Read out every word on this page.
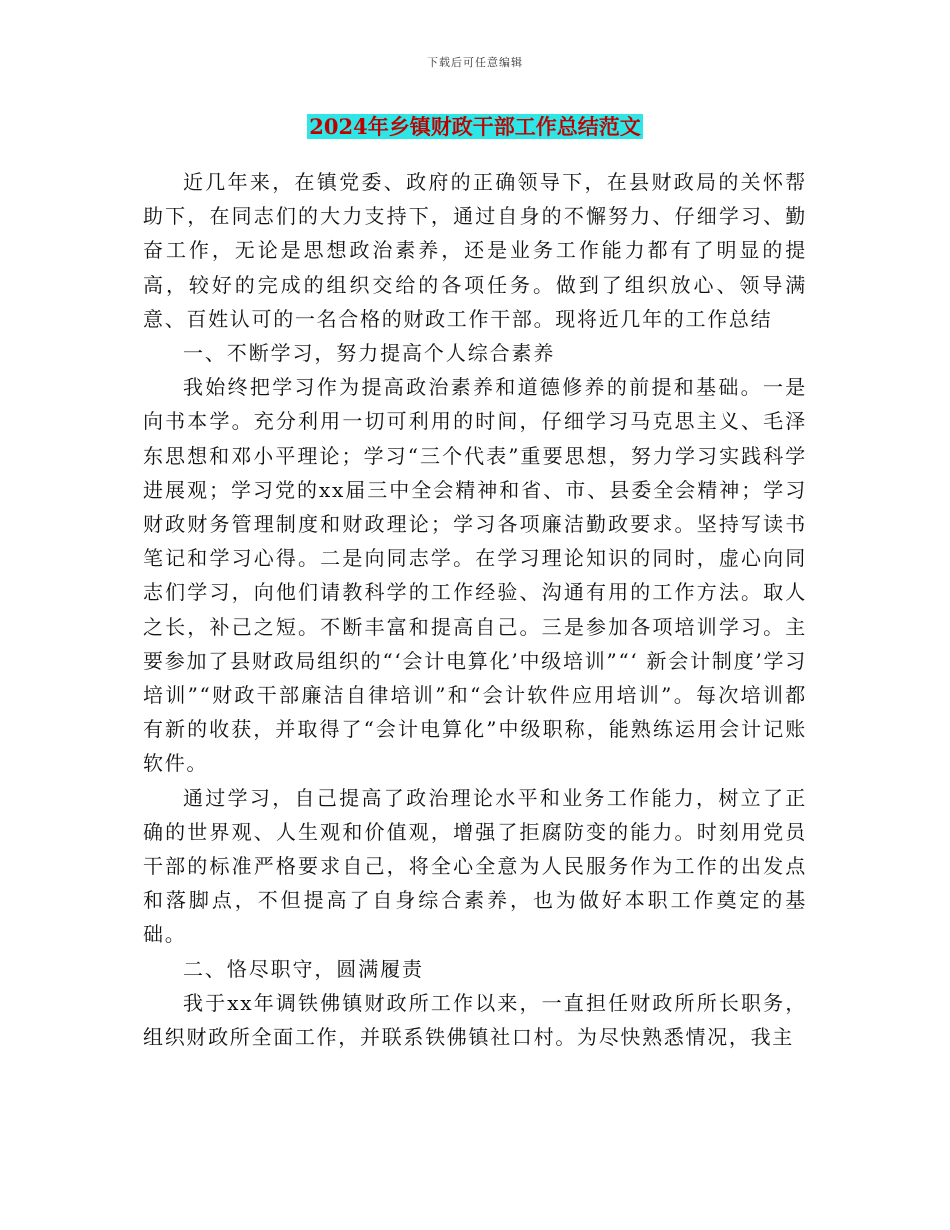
下载后可任意编辑
2024年乡镇财政干部工作总结范文

近几年来，在镇党委、政府的正确领导下，在县财政局的关怀帮助下，在同志们的大力支持下，通过自身的不懈努力、仔细学习、勤奋工作，无论是思想政治素养，还是业务工作能力都有了明显的提高，较好的完成的组织交给的各项任务。做到了组织放心、领导满意、百姓认可的一名合格的财政工作干部。现将近几年的工作总结

一、不断学习，努力提高个人综合素养

我始终把学习作为提高政治素养和道德修养的前提和基础。一是向书本学。充分利用一切可利用的时间，仔细学习马克思主义、毛泽东思想和邓小平理论；学习“三个代表”重要思想，努力学习实践科学进展观；学习党的xx届三中全会精神和省、市、县委全会精神；学习财政财务管理制度和财政理论；学习各项廉洁勤政要求。坚持写读书笔记和学习心得。二是向同志学。在学习理论知识的同时，虚心向同志们学习，向他们请教科学的工作经验、沟通有用的工作方法。取人之长，补己之短。不断丰富和提高自己。三是参加各项培训学习。主要参加了县财政局组织的“‘会计电算化’中级培训”“‘ 新会计制度’学习培训”“财政干部廉洁自律培训”和“会计软件应用培训”。每次培训都有新的收获，并取得了“会计电算化”中级职称，能熟练运用会计记账软件。

通过学习，自己提高了政治理论水平和业务工作能力，树立了正确的世界观、人生观和价值观，增强了拒腐防变的能力。时刻用党员干部的标准严格要求自己，将全心全意为人民服务作为工作的出发点和落脚点，不但提高了自身综合素养，也为做好本职工作奠定的基础。

二、恪尽职守，圆满履责

我于xx年调铁佛镇财政所工作以来，一直担任财政所所长职务，组织财政所全面工作，并联系铁佛镇社口村。为尽快熟悉情况，我主
